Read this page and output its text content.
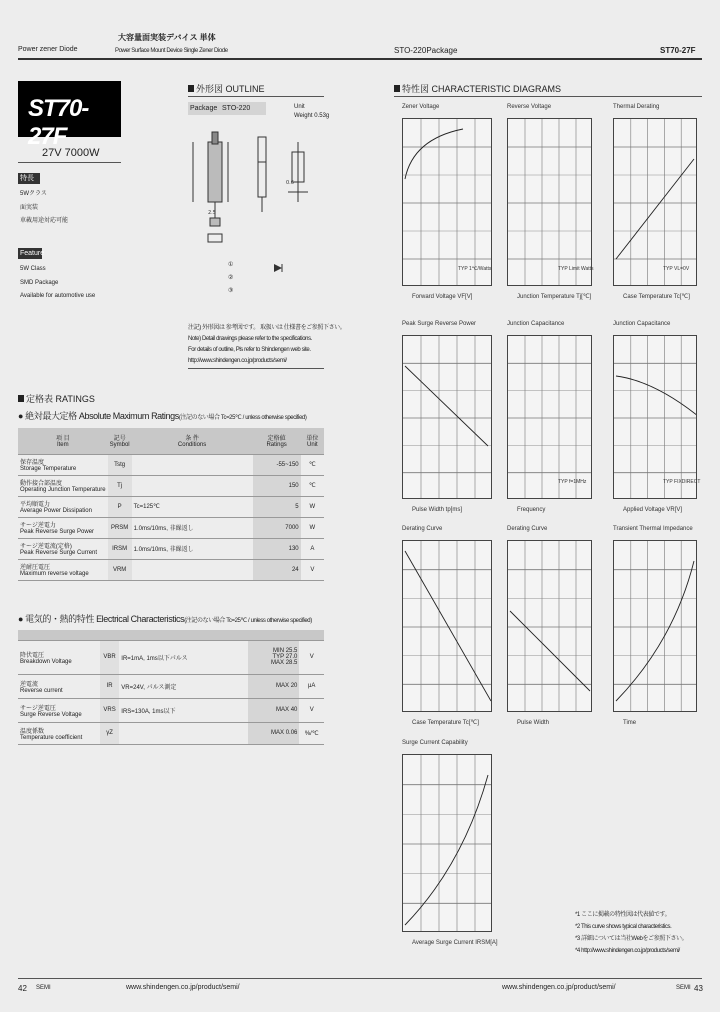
Power zener Diode
大容量面実装デバイス 単体
Power Surface Mount Device Single Zener Diode	STO-220Package	ST70-27F
ST70-27F
27V 7000W
特長
5Wクラス
面実装
車載用途対応可能
Feature
5W Class
SMD Package
Available for automotive use
外形図 OUTLINE
Package STO-220	Unit
Weight 0.53g
2.5
0.6
①
②
③
注記) 外形図は 参考図です。 取扱いは 仕様書をご参照下さい。
Note) Detail drawings please refer to the specifications.
For details of outline, Pls refer to Shindengen web site.
http://www.shindengen.co.jp/products/semi/
定格表 RATINGS
● 絶対最大定格 Absolute Maximum Ratings(注記のない場合 Tc=25℃ / unless otherwise specified)
項 目
Item	記号
Symbol	条 件
Conditions	定格値
Ratings	単位
Unit
保存温度
Storage Temperature	Tstg		-55~150	℃
動作接合部温度
Operating Junction Temperature	Tj		150	℃
平均順電力
Average Power Dissipation	P	Tc=125℃	5	W
サージ逆電力
Peak Reverse Surge Power	PRSM	1.0ms/10ms, 非繰返し	7000	W
サージ逆電流(定格)
Peak Reverse Surge Current	IRSM	1.0ms/10ms, 非繰返し	130	A
逆耐圧電圧
Maximum reverse voltage	VRM		24	V
● 電気的・熱的特性 Electrical Characteristics(注記のない場合 Tc=25℃ / unless otherwise specified)

降伏電圧
Breakdown Voltage	VBR	IR=1mA, 1ms以下パルス	MIN 25.5
TYP 27.0
MAX 28.5	V
逆電流
Reverse current	IR	VR=24V, パルス測定	MAX 20	μA
サージ逆電圧
Surge Reverse Voltage	VRS	IRS=130A, 1ms以下	MAX 40	V
温度係数
Temperature coefficient	γZ		MAX 0.06	%/℃
特性図 CHARACTERISTIC DIAGRAMS
Zener Voltage
Forward Voltage VF[V]
TYP 1℃/Watts
Reverse Voltage
Junction Temperature Tj[℃]
TYP Limit Watts
Thermal Derating
Case Temperature Tc[℃]
TYP VL=0V
Peak Surge Reverse Power
Pulse Width tp[ms]
Junction Capacitance
Frequency
TYP f=1MHz
Junction Capacitance
Applied Voltage VR[V]
TYP FIXDIRECT
Derating Curve
Case Temperature Tc[℃]
Derating Curve
Pulse Width
Transient Thermal Impedance
Time
Surge Current Capability
Average Surge Current IRSM[A]
*1 ここに掲載の特性図は代表値です。
*2 This curve shows typical characteristics.
*3 詳細については当社Webをご参照下さい。
*4 http://www.shindengen.co.jp/products/semi/
42 SEMI	www.shindengen.co.jp/product/semi/	www.shindengen.co.jp/product/semi/	SEMI 43
